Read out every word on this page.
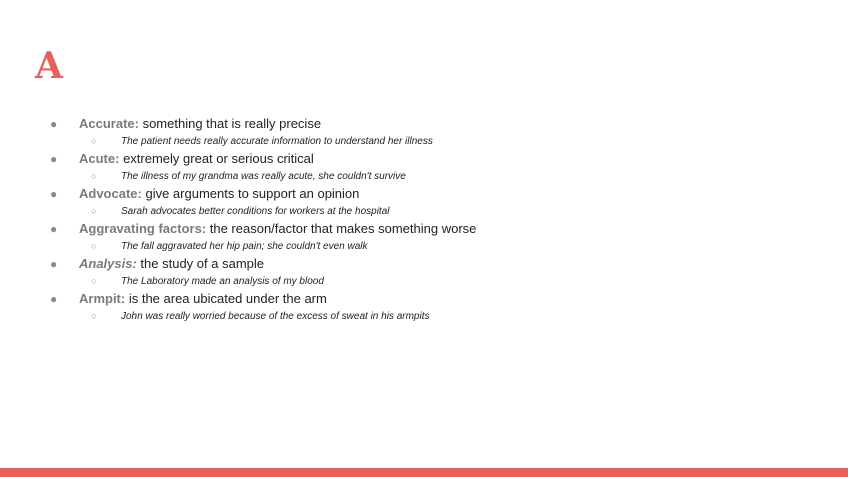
A
● Accurate: something that is really precise
○ The patient needs really accurate information to understand her illness
● Acute: extremely great or serious critical
○ The illness of my grandma was really acute, she couldn't survive
● Advocate: give arguments to support an opinion
○ Sarah advocates better conditions for workers at the hospital
● Aggravating factors: the reason/factor that makes something worse
○ The fall aggravated her hip pain; she couldn't even walk
● Analysis: the study of a sample
○ The Laboratory made an analysis of my blood
● Armpit: is the area ubicated under the arm
○ John was really worried because of the excess of sweat in his armpits
